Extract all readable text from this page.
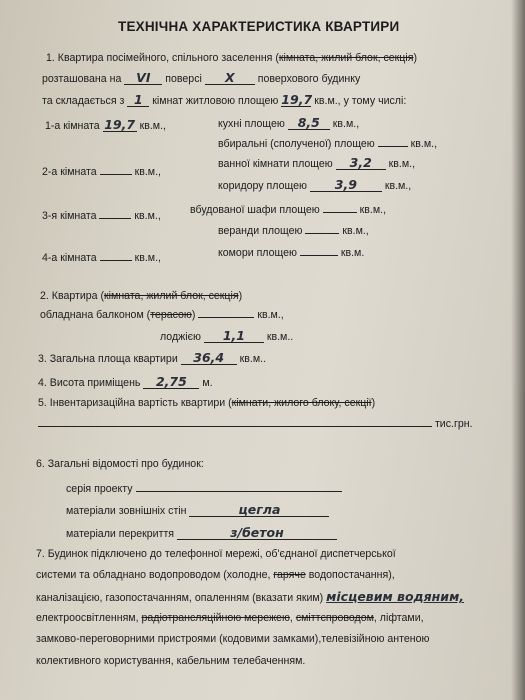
ТЕХНІЧНА ХАРАКТЕРИСТИКА КВАРТИРИ
1. Квартира посімейного, спільного заселення (кімната, жилий блок, секція)
розташована на VI поверсі X поверхового будинку
та складається з 1 кімнат житловою площею 19,7 кв.м., у тому числі:
1-а кімната 19,7 кв.м.,
2-а кімната	кв.м.,
3-я кімната	кв.м.,
4-а кімната	кв.м.,
кухні площею 8,5 кв.м.,
вбиральні (сполученої) площею	кв.м.,
ванної кімнати площею 3,2 кв.м.,
коридору площею 3,9	кв.м.,
вбудованої шафи площею	кв.м.,
веранди площею	кв.м.,
комори площею	кв.м.
2. Квартира (кімната, жилий блок, секція)
обладнана балконом (терасою)	кв.м.,
лоджією 1,1 кв.м..
3. Загальна площа квартири 36,4 кв.м..
4. Висота приміщень 2,75 м.
5. Інвентаризаційна вартість квартири (кімнати, жилого блоку, секції)
тис.грн.
6. Загальні відомості про будинок:
серія проекту
матеріали зовнішніх стін	цегла
матеріали перекриття	з/бетон
7. Будинок підключено до телефонної мережі, об'єднаної диспетчерської
системи та обладнано водопроводом (холодне, гаряче водопостачання),
каналізацією, газопостачанням, опаленням (вказати яким) місцевим водяним,
електроосвітленням, радіотрансляційною мережею, сміттєпроводом, ліфтами,
замково-переговорними пристроями (кодовими замками),телевізійною антеною
колективного користування, кабельним телебаченням.
